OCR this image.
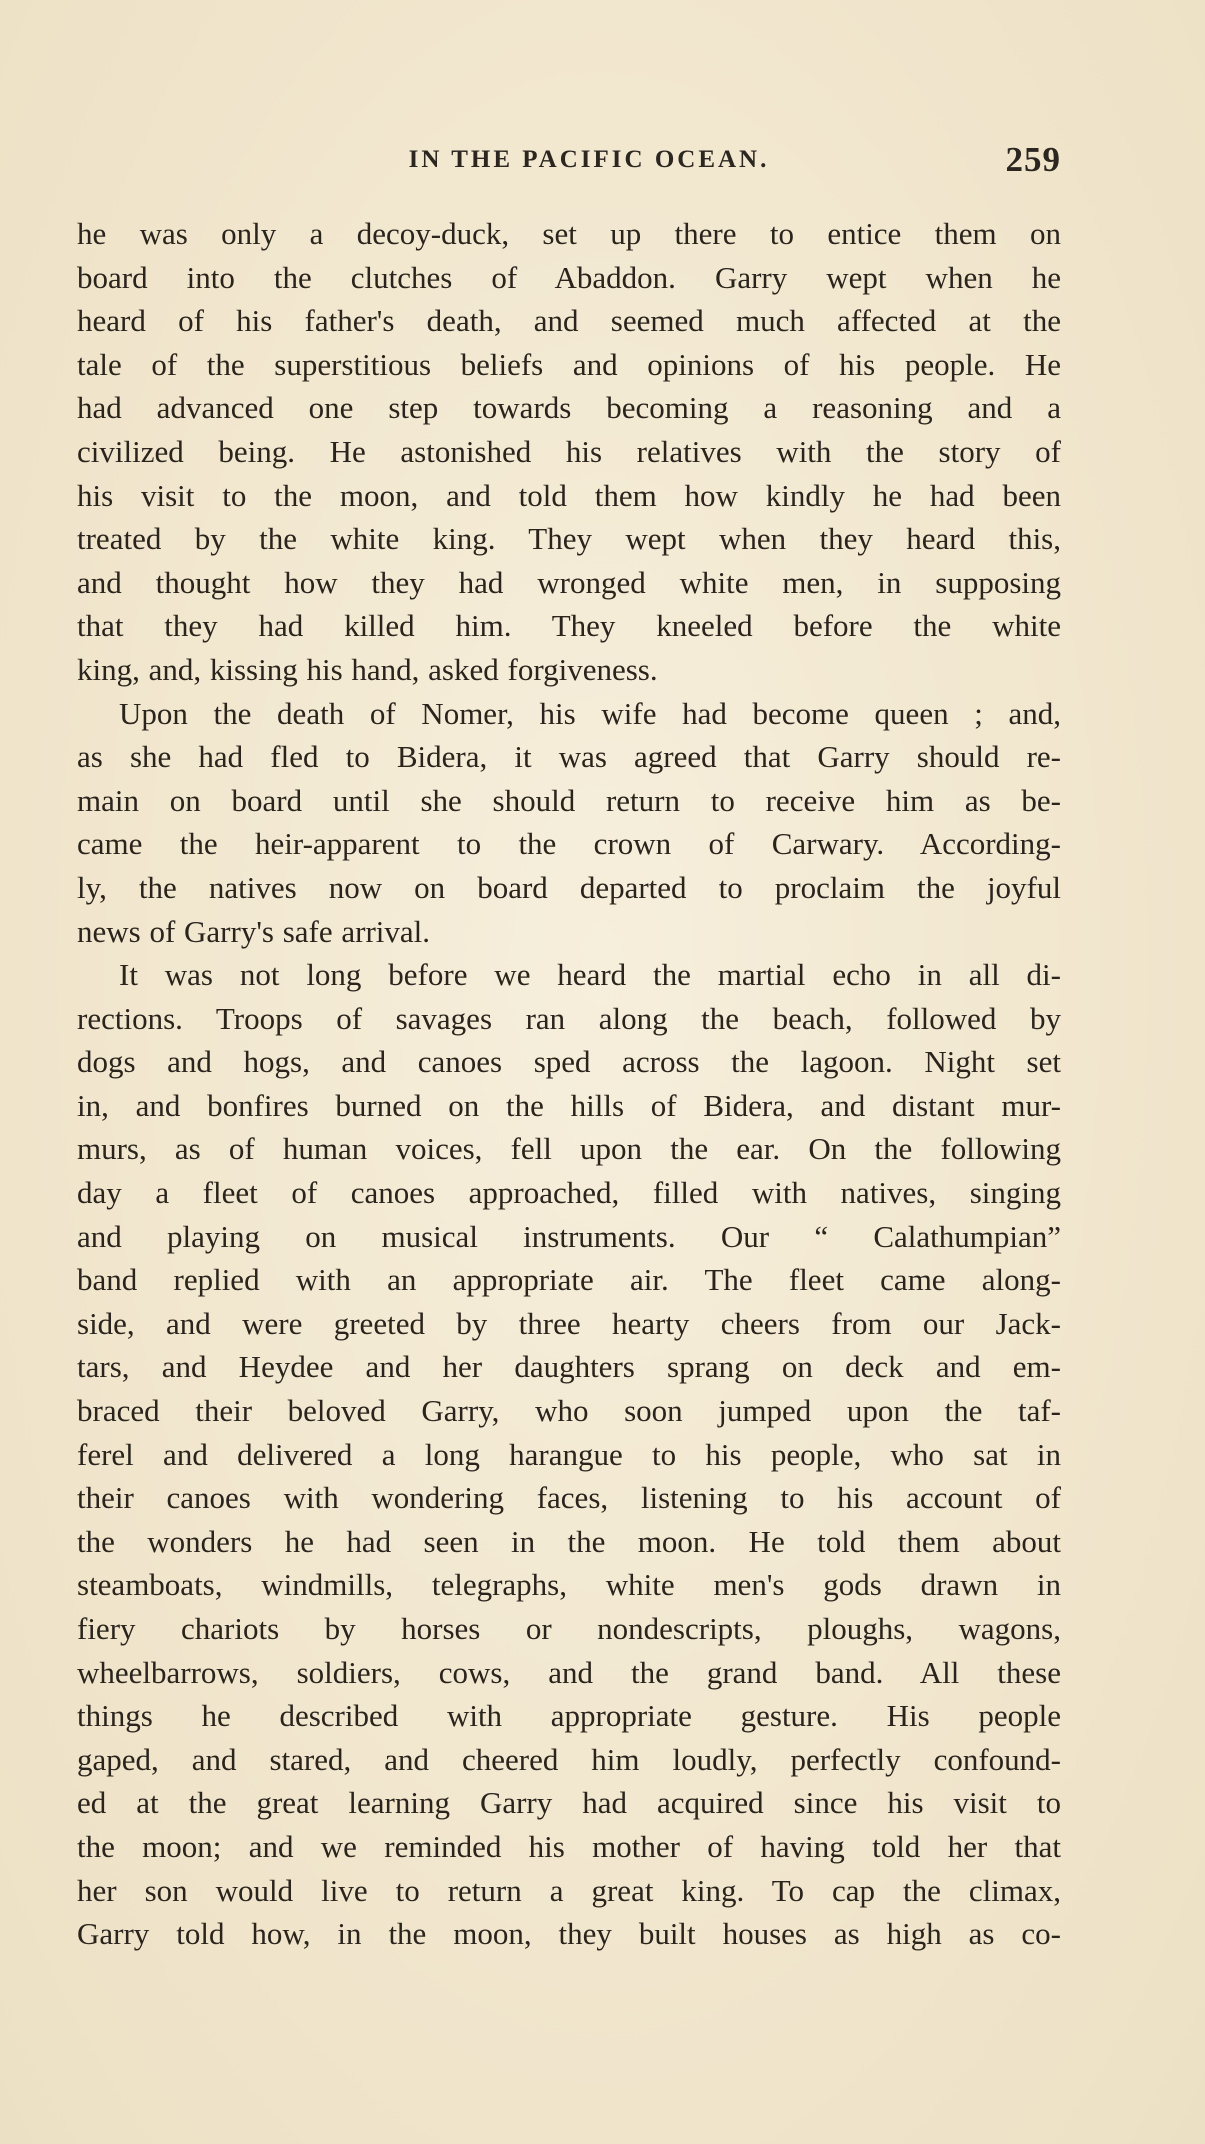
IN THE PACIFIC OCEAN.	259
he was only a decoy-duck, set up there to entice them on
board into the clutches of Abaddon. Garry wept when he
heard of his father's death, and seemed much affected at the
tale of the superstitious beliefs and opinions of his people. He
had advanced one step towards becoming a reasoning and a
civilized being. He astonished his relatives with the story of
his visit to the moon, and told them how kindly he had been
treated by the white king. They wept when they heard this,
and thought how they had wronged white men, in supposing
that they had killed him. They kneeled before the white
king, and, kissing his hand, asked forgiveness.
Upon the death of Nomer, his wife had become queen ; and,
as she had fled to Bidera, it was agreed that Garry should re-
main on board until she should return to receive him as be-
came the heir-apparent to the crown of Carwary. According-
ly, the natives now on board departed to proclaim the joyful
news of Garry's safe arrival.
It was not long before we heard the martial echo in all di-
rections. Troops of savages ran along the beach, followed by
dogs and hogs, and canoes sped across the lagoon. Night set
in, and bonfires burned on the hills of Bidera, and distant mur-
murs, as of human voices, fell upon the ear. On the following
day a fleet of canoes approached, filled with natives, singing
and playing on musical instruments. Our “ Calathumpian”
band replied with an appropriate air. The fleet came along-
side, and were greeted by three hearty cheers from our Jack-
tars, and Heydee and her daughters sprang on deck and em-
braced their beloved Garry, who soon jumped upon the taf-
ferel and delivered a long harangue to his people, who sat in
their canoes with wondering faces, listening to his account of
the wonders he had seen in the moon. He told them about
steamboats, windmills, telegraphs, white men's gods drawn in
fiery chariots by horses or nondescripts, ploughs, wagons,
wheelbarrows, soldiers, cows, and the grand band. All these
things he described with appropriate gesture. His people
gaped, and stared, and cheered him loudly, perfectly confound-
ed at the great learning Garry had acquired since his visit to
the moon; and we reminded his mother of having told her that
her son would live to return a great king. To cap the climax,
Garry told how, in the moon, they built houses as high as co-
